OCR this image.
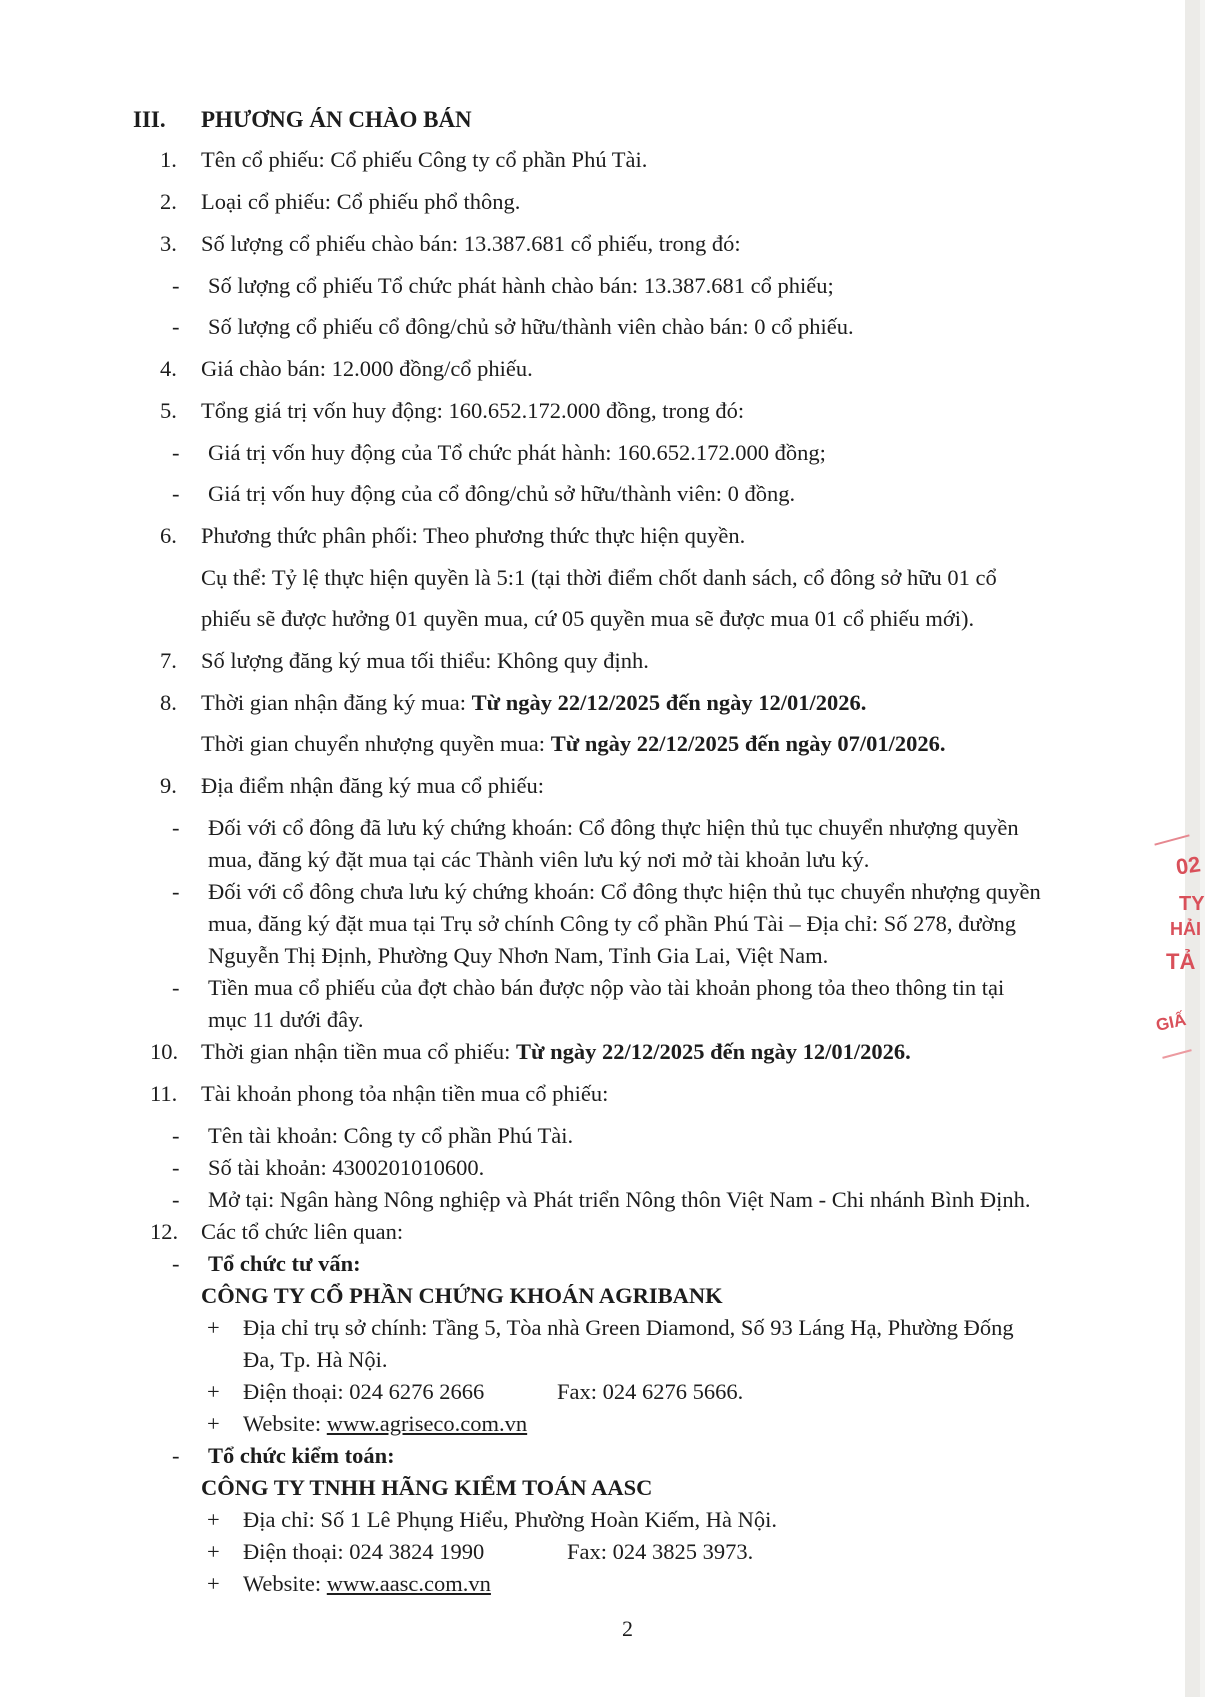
III. PHƯƠNG ÁN CHÀO BÁN
1. Tên cổ phiếu: Cổ phiếu Công ty cổ phần Phú Tài.
2. Loại cổ phiếu: Cổ phiếu phổ thông.
3. Số lượng cổ phiếu chào bán: 13.387.681 cổ phiếu, trong đó:
- Số lượng cổ phiếu Tổ chức phát hành chào bán: 13.387.681 cổ phiếu;
- Số lượng cổ phiếu cổ đông/chủ sở hữu/thành viên chào bán: 0 cổ phiếu.
4. Giá chào bán: 12.000 đồng/cổ phiếu.
5. Tổng giá trị vốn huy động: 160.652.172.000 đồng, trong đó:
- Giá trị vốn huy động của Tổ chức phát hành: 160.652.172.000 đồng;
- Giá trị vốn huy động của cổ đông/chủ sở hữu/thành viên: 0 đồng.
6. Phương thức phân phối: Theo phương thức thực hiện quyền.
Cụ thể: Tỷ lệ thực hiện quyền là 5:1 (tại thời điểm chốt danh sách, cổ đông sở hữu 01 cổ
phiếu sẽ được hưởng 01 quyền mua, cứ 05 quyền mua sẽ được mua 01 cổ phiếu mới).
7. Số lượng đăng ký mua tối thiểu: Không quy định.
8. Thời gian nhận đăng ký mua: Từ ngày 22/12/2025 đến ngày 12/01/2026.
Thời gian chuyển nhượng quyền mua: Từ ngày 22/12/2025 đến ngày 07/01/2026.
9. Địa điểm nhận đăng ký mua cổ phiếu:
- Đối với cổ đông đã lưu ký chứng khoán: Cổ đông thực hiện thủ tục chuyển nhượng quyền
mua, đăng ký đặt mua tại các Thành viên lưu ký nơi mở tài khoản lưu ký.
- Đối với cổ đông chưa lưu ký chứng khoán: Cổ đông thực hiện thủ tục chuyển nhượng quyền
mua, đăng ký đặt mua tại Trụ sở chính Công ty cổ phần Phú Tài – Địa chỉ: Số 278, đường
Nguyễn Thị Định, Phường Quy Nhơn Nam, Tỉnh Gia Lai, Việt Nam.
- Tiền mua cổ phiếu của đợt chào bán được nộp vào tài khoản phong tỏa theo thông tin tại
mục 11 dưới đây.
10. Thời gian nhận tiền mua cổ phiếu: Từ ngày 22/12/2025 đến ngày 12/01/2026.
11. Tài khoản phong tỏa nhận tiền mua cổ phiếu:
- Tên tài khoản: Công ty cổ phần Phú Tài.
- Số tài khoản: 4300201010600.
- Mở tại: Ngân hàng Nông nghiệp và Phát triển Nông thôn Việt Nam - Chi nhánh Bình Định.
12. Các tổ chức liên quan:
- Tổ chức tư vấn:
CÔNG TY CỔ PHẦN CHỨNG KHOÁN AGRIBANK
+ Địa chỉ trụ sở chính: Tầng 5, Tòa nhà Green Diamond, Số 93 Láng Hạ, Phường Đống
Đa, Tp. Hà Nội.
+ Điện thoại: 024 6276 2666	Fax: 024 6276 5666.
+ Website: www.agriseco.com.vn
- Tổ chức kiểm toán:
CÔNG TY TNHH HÃNG KIỂM TOÁN AASC
+ Địa chỉ: Số 1 Lê Phụng Hiểu, Phường Hoàn Kiếm, Hà Nội.
+ Điện thoại: 024 3824 1990	Fax: 024 3825 3973.
+ Website: www.aasc.com.vn
2
02
TY
HẢI
TẢ
GIẤ
